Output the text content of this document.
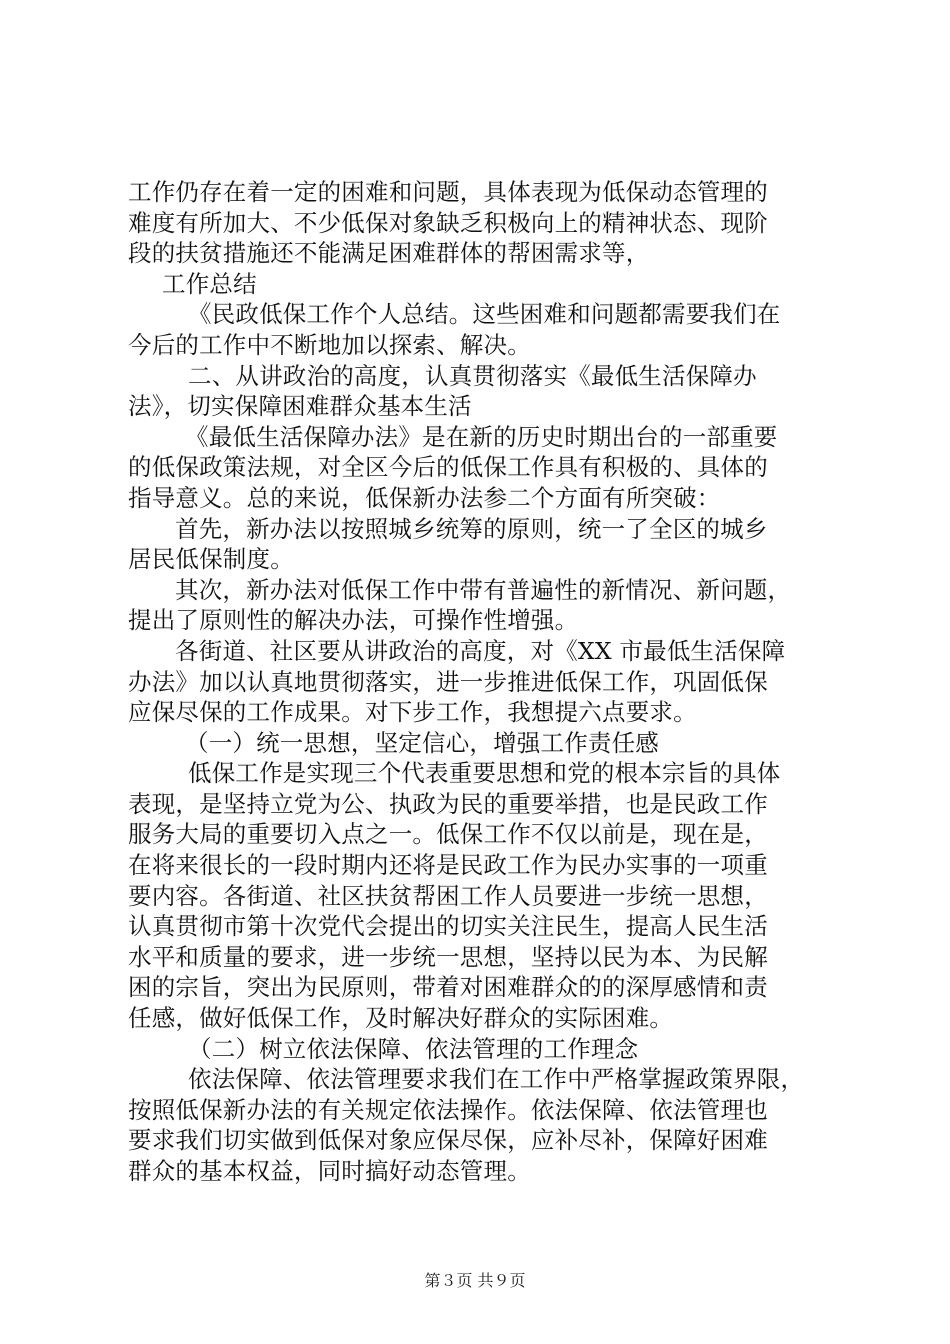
工作仍存在着一定的困难和问题，具体表现为低保动态管理的
难度有所加大、不少低保对象缺乏积极向上的精神状态、现阶
段的扶贫措施还不能满足困难群体的帮困需求等，
工作总结
《民政低保工作个人总结。这些困难和问题都需要我们在
今后的工作中不断地加以探索、解决。
二、从讲政治的高度，认真贯彻落实《最低生活保障办
法》，切实保障困难群众基本生活
《最低生活保障办法》是在新的历史时期出台的一部重要
的低保政策法规，对全区今后的低保工作具有积极的、具体的
指导意义。总的来说，低保新办法参二个方面有所突破：
首先，新办法以按照城乡统筹的原则，统一了全区的城乡
居民低保制度。
其次，新办法对低保工作中带有普遍性的新情况、新问题，
提出了原则性的解决办法，可操作性增强。
各街道、社区要从讲政治的高度，对《XX 市最低生活保障
办法》加以认真地贯彻落实，进一步推进低保工作，巩固低保
应保尽保的工作成果。对下步工作，我想提六点要求。
（一）统一思想，坚定信心，增强工作责任感
低保工作是实现三个代表重要思想和党的根本宗旨的具体
表现，是坚持立党为公、执政为民的重要举措，也是民政工作
服务大局的重要切入点之一。低保工作不仅以前是，现在是，
在将来很长的一段时期内还将是民政工作为民办实事的一项重
要内容。各街道、社区扶贫帮困工作人员要进一步统一思想，
认真贯彻市第十次党代会提出的切实关注民生，提高人民生活
水平和质量的要求，进一步统一思想，坚持以民为本、为民解
困的宗旨，突出为民原则，带着对困难群众的的深厚感情和责
任感，做好低保工作，及时解决好群众的实际困难。
（二）树立依法保障、依法管理的工作理念
依法保障、依法管理要求我们在工作中严格掌握政策界限，
按照低保新办法的有关规定依法操作。依法保障、依法管理也
要求我们切实做到低保对象应保尽保，应补尽补，保障好困难
群众的基本权益，同时搞好动态管理。
第３页 共９页
